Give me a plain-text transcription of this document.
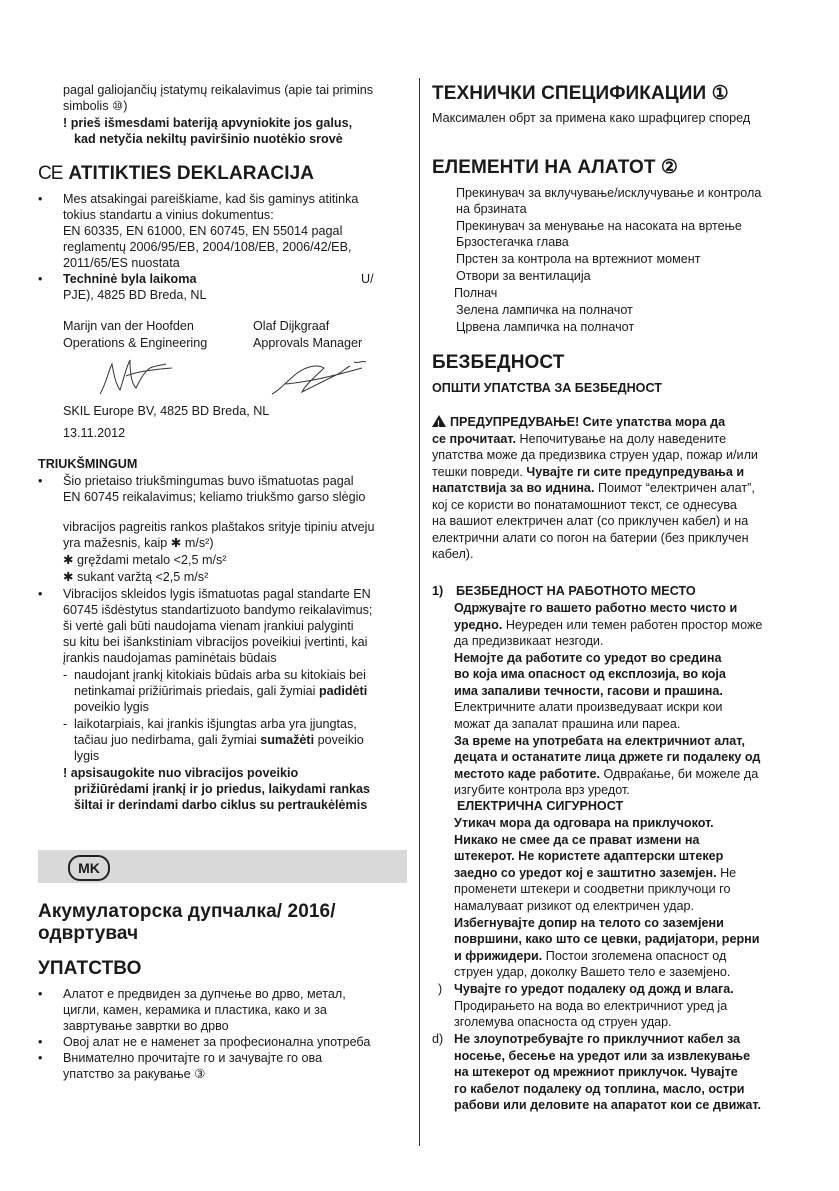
pagal galiojančių įstatymų reikalavimus (apie tai primins

simbolis ⑩)

! prieš išmesdami bateriją apvyniokite jos galus,

kad netyčia nekiltų paviršinio nuotėkio srovė

CE ATITIKTIES DEKLARACIJA

• Mes atsakingai pareiškiame, kad šis gaminys atitinka

tokius standartu a vinius dokumentus:

EN 60335, EN 61000, EN 60745, EN 55014 pagal

reglamentų 2006/95/EB, 2004/108/EB, 2006/42/EB,

2011/65/ES nuostata

• Techninė byla laikoma	U/

PJE), 4825 BD Breda, NL

Marijn van der Hoofden

Operations & Engineering

Olaf Dijkgraaf

Approvals Manager

SKIL Europe BV, 4825 BD Breda, NL

13.11.2012

TRIUKŠMINGUM

• Šio prietaiso triukšmingumas buvo išmatuotas pagal

EN 60745 reikalavimus; keliamo triukšmo garso slėgio

vibracijos pagreitis rankos plaštakos srityje tipiniu atveju

yra mažesnis, kaip ✱ m/s²)

✱ gręždami metalo <2,5 m/s²

✱ sukant varžtą <2,5 m/s²

• Vibracijos skleidos lygis išmatuotas pagal standarte EN

60745 išdėstytus standartizuoto bandymo reikalavimus;

ši vertė gali būti naudojama vienam įrankiui palyginti

su kitu bei išankstiniam vibracijos poveikiui įvertinti, kai

įrankis naudojamas paminėtais būdais

- naudojant įrankį kitokiais būdais arba su kitokiais bei

netinkamai prižiūrimais priedais, gali žymiai padidėti

poveikio lygis

- laikotarpiais, kai įrankis išjungtas arba yra įjungtas,

tačiau juo nedirbama, gali žymiai sumažėti poveikio

lygis

! apsisaugokite nuo vibracijos poveikio

prižiūrėdami įrankį ir jo priedus, laikydami rankas

šiltai ir derindami darbo ciklus su pertraukėlėmis

MK

Акумулаторска дупчалка/ 2016/

одвртувач

УПАТСТВО

• Алатот е предвиден за дупчење во дрво, метал,

цигли, камен, керамика и пластика, како и за

завртување завртки во дрво

• Овој алат не е наменет за професионална употреба

• Внимателно прочитајте го и зачувајте го ова

упатство за ракување ③

ТЕХНИЧКИ СПЕЦИФИКАЦИИ ①

Максимален обрт за примена како шрафцигер според

ЕЛЕМЕНТИ НА АЛАТОТ ②

Прекинувач за вклучување/исклучување и контрола

на брзината

Прекинувач за менување на насоката на вртење

Брзостегачка глава

Прстен за контрола на вртежниот момент

Отвори за вентилација

Полнач

Зелена лампичка на полначот

Црвена лампичка на полначот

БЕЗБЕДНОСТ

ОПШТИ УПАТСТВА ЗА БЕЗБЕДНОСТ

!ПРЕДУПРЕДУВАЊЕ! Сите упатства мора да

се прочитаат. Непочитување на долу наведените

упатства може да предизвика струен удар, пожар и/или

тешки повреди. Чувајте ги сите предупредувања и

напатствија за во иднина. Поимот “електричен алат”,

кој се користи во понатамошниот текст, се однесува

на вашиот електричен алат (со приклучен кабел) и на

електрични алати со погон на батерии (без приклучен

кабел).

1) БЕЗБЕДНОСТ НА РАБОТНОТО МЕСТО

Одржувајте го вашето работно место чисто и

уредно. Неуреден или темен работен простор може

да предизвикаат незгоди.

Немојте да работите со уредот во средина

во која има опасност од експлозија, во која

има запаливи течности, гасови и прашина.

Електричните алати произведуваат искри кои

можат да запалат прашина или пареа.

За време на употребата на електричниот алат,

децата и останатите лица држете ги подалеку од

местото каде работите. Одвраќање, би можеле да

изгубите контрола врз уредот.

ЕЛЕКТРИЧНА СИГУРНОСТ

Утикач мора да одговара на приклучокот.

Никако не смее да се прават измени на

штекерот. Не користете адаптерски штекер

заедно со уредот кој е заштитно заземјен. Не

променети штекери и соодветни приклучоци го

намалуваат ризикот од електричен удар.

Избегнувајте допир на телото со заземјени

површини, како што се цевки, радијатори, рерни

и фрижидери. Постои зголемена опасност од

струен удар, доколку Вашето тело е заземјено.

) Чувајте го уредот подалеку од дожд и влага.

Продирањето на вода во електричниот уред ја

зголемува опасноста од струен удар.

d) Не злоупотребувајте го приклучниот кабел за

носење, бесење на уредот или за извлекување

на штекерот од мрежниот приклучок. Чувајте

го кабелот подалеку од топлина, масло, остри

рабови или деловите на апаратот кои се движат.
